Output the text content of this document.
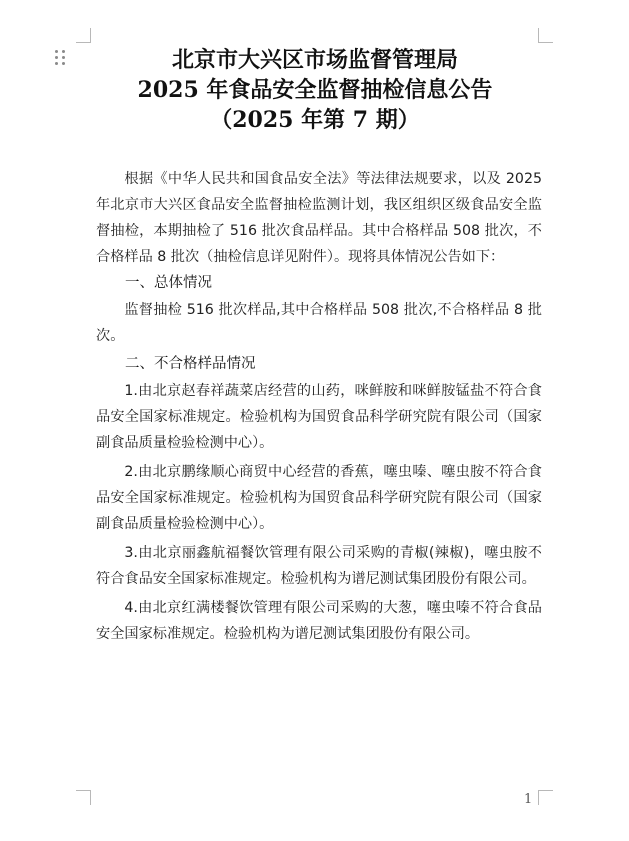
北京市大兴区市场监督管理局
2025 年食品安全监督抽检信息公告
（2025 年第 7 期）

根据《中华人民共和国食品安全法》等法律法规要求，以及 2025 年北京市大兴区食品安全监督抽检监测计划，我区组织区级食品安全监督抽检，本期抽检了 516 批次食品样品。其中合格样品 508 批次，不合格样品 8 批次（抽检信息详见附件）。现将具体情况公告如下：

一、总体情况

监督抽检 516 批次样品,其中合格样品 508 批次,不合格样品 8 批次。

二、不合格样品情况

1.由北京赵春祥蔬菜店经营的山药，咪鲜胺和咪鲜胺锰盐不符合食品安全国家标准规定。检验机构为国贸食品科学研究院有限公司（国家副食品质量检验检测中心）。

2.由北京鹏缘顺心商贸中心经营的香蕉，噻虫嗪、噻虫胺不符合食品安全国家标准规定。检验机构为国贸食品科学研究院有限公司（国家副食品质量检验检测中心）。

3.由北京丽鑫航福餐饮管理有限公司采购的青椒(辣椒)，噻虫胺不符合食品安全国家标准规定。检验机构为谱尼测试集团股份有限公司。

4.由北京红满楼餐饮管理有限公司采购的大葱，噻虫嗪不符合食品安全国家标准规定。检验机构为谱尼测试集团股份有限公司。

1
